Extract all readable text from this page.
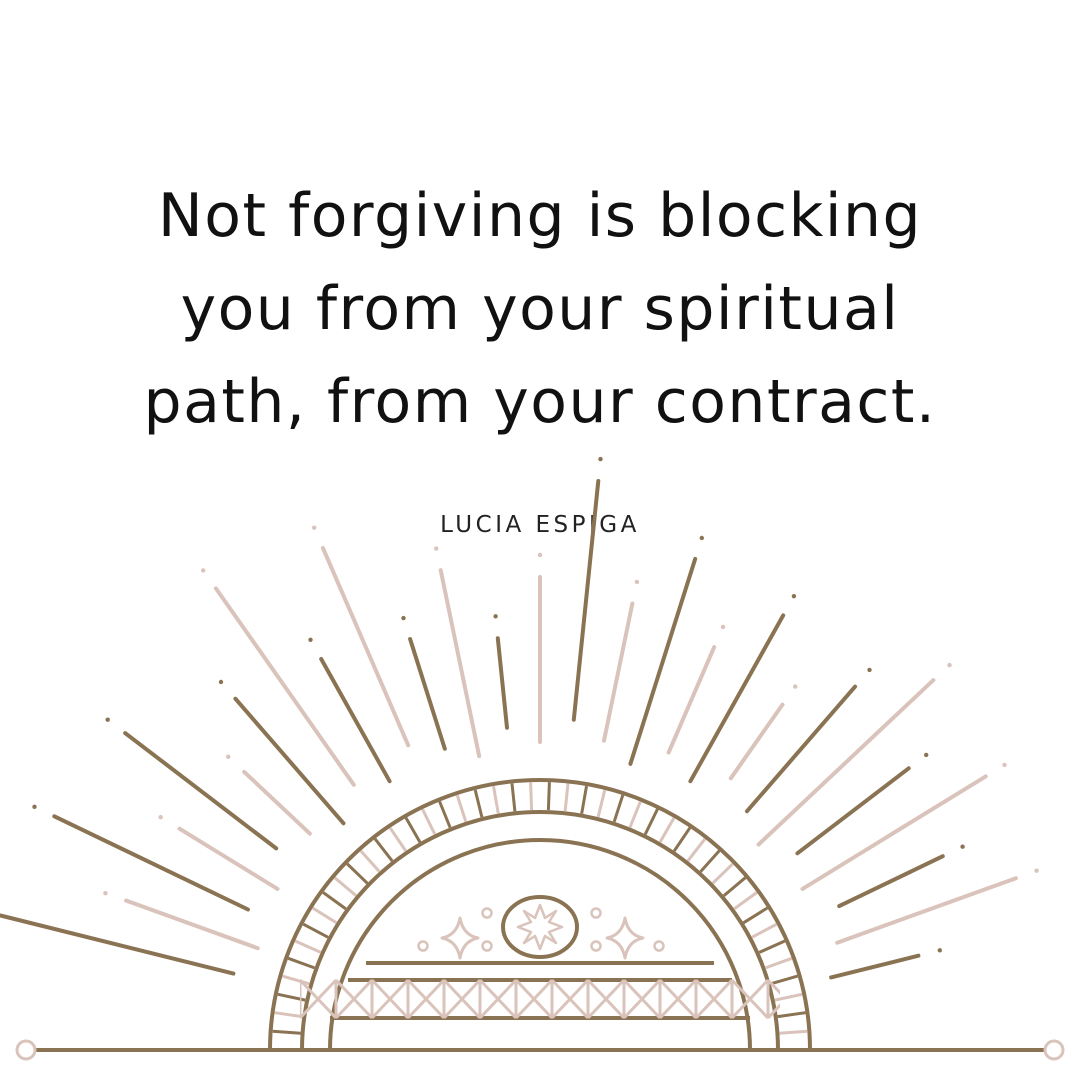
Not forgiving is blocking
you from your spiritual
path, from your contract.
LUCIA ESPIGA
